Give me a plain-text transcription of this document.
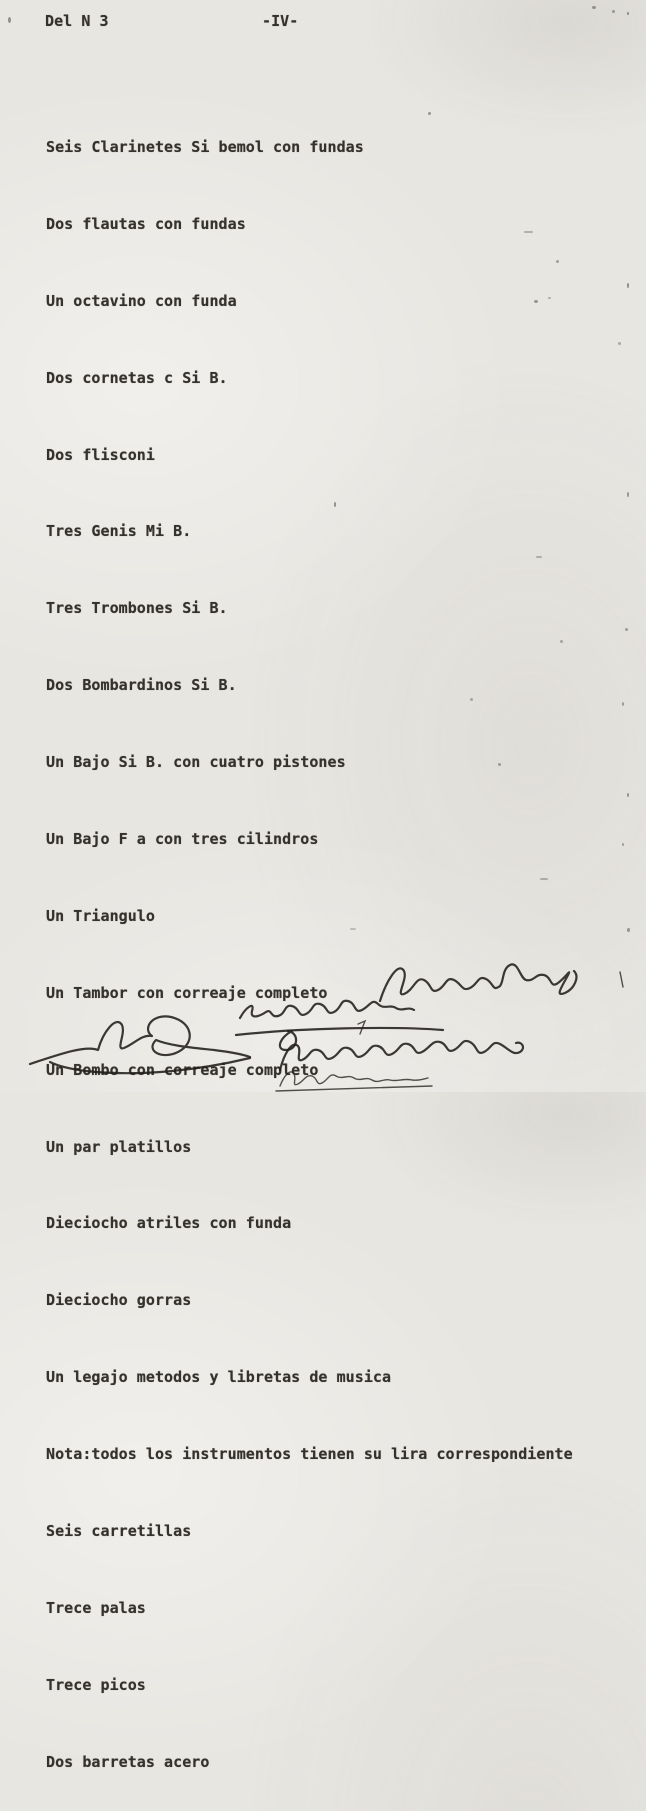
Del N 3	-IV-

Seis Clarinetes Si bemol con fundas

Dos flautas con fundas

Un octavino con funda

Dos cornetas c Si B.

Dos flisconi

Tres Genis Mi B.

Tres Trombones Si B.

Dos Bombardinos Si B.

Un Bajo Si B. con cuatro pistones

Un Bajo F a con tres cilindros

Un Triangulo

Un Tambor con correaje completo

Un Bombo con correaje completo

Un par platillos

Dieciocho atriles con funda

Dieciocho gorras

Un legajo metodos y libretas de musica

Nota:todos los instrumentos tienen su lira correspondiente

Seis carretillas

Trece palas

Trece picos

Dos barretas acero
